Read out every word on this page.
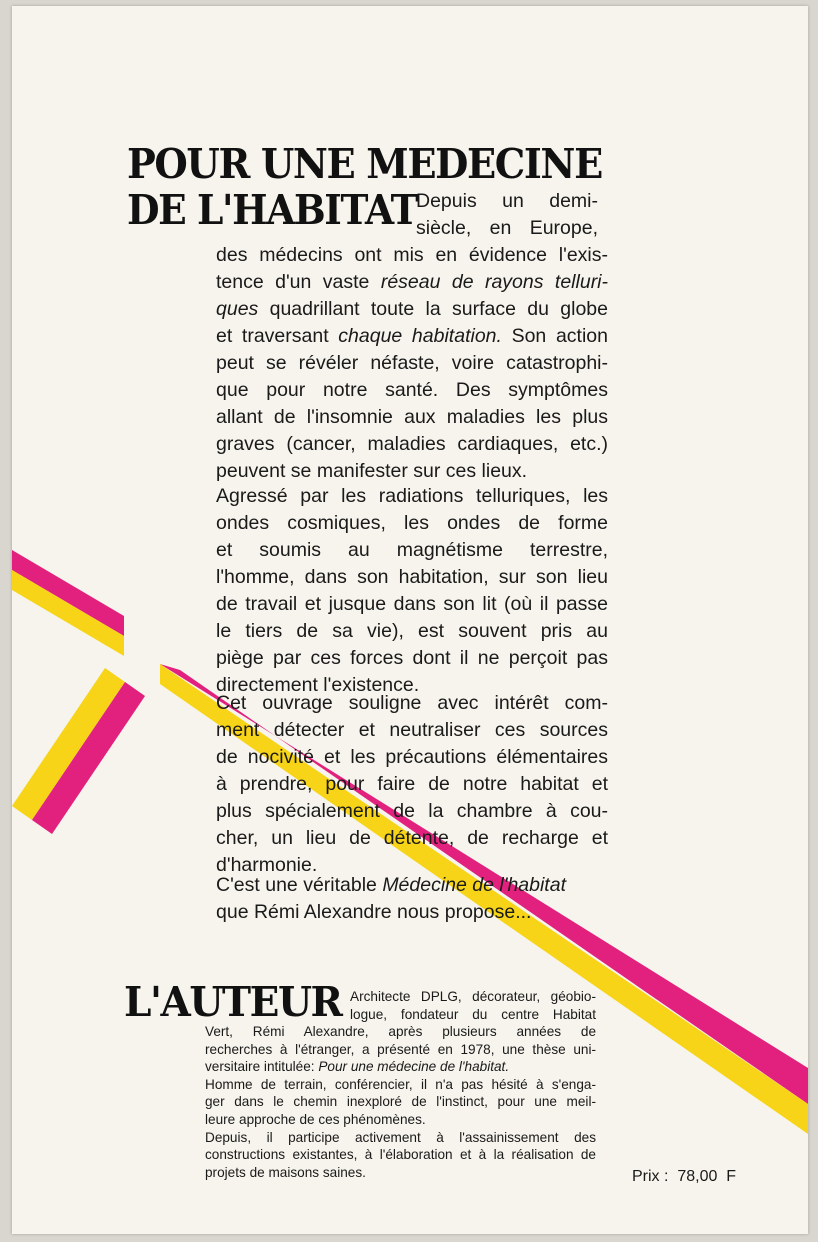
POUR UNE MEDECINE
DE L'HABITAT
Depuis un demi-
siècle, en Europe,
des médecins ont mis en évidence l'exis-
tence d'un vaste réseau de rayons telluri-
ques quadrillant toute la surface du globe
et traversant chaque habitation. Son action
peut se révéler néfaste, voire catastrophi-
que pour notre santé. Des symptômes
allant de l'insomnie aux maladies les plus
graves (cancer, maladies cardiaques, etc.)
peuvent se manifester sur ces lieux.
Agressé par les radiations telluriques, les
ondes cosmiques, les ondes de forme
et soumis au magnétisme terrestre,
l'homme, dans son habitation, sur son lieu
de travail et jusque dans son lit (où il passe
le tiers de sa vie), est souvent pris au
piège par ces forces dont il ne perçoit pas
directement l'existence.
Cet ouvrage souligne avec intérêt com-
ment détecter et neutraliser ces sources
de nocivité et les précautions élémentaires
à prendre, pour faire de notre habitat et
plus spécialement de la chambre à cou-
cher, un lieu de détente, de recharge et
d'harmonie.
C'est une véritable Médecine de l'habitat
que Rémi Alexandre nous propose...
L'AUTEUR Architecte DPLG, décorateur, géobio-
logue, fondateur du centre Habitat
Vert, Rémi Alexandre, après plusieurs années de
recherches à l'étranger, a présenté en 1978, une thèse uni-
versitaire intitulée: Pour une médecine de l'habitat.
Homme de terrain, conférencier, il n'a pas hésité à s'enga-
ger dans le chemin inexploré de l'instinct, pour une meil-
leure approche de ces phénomènes.
Depuis, il participe activement à l'assainissement des
constructions existantes, à l'élaboration et à la réalisation de
projets de maisons saines.	Prix : 78,00 F
